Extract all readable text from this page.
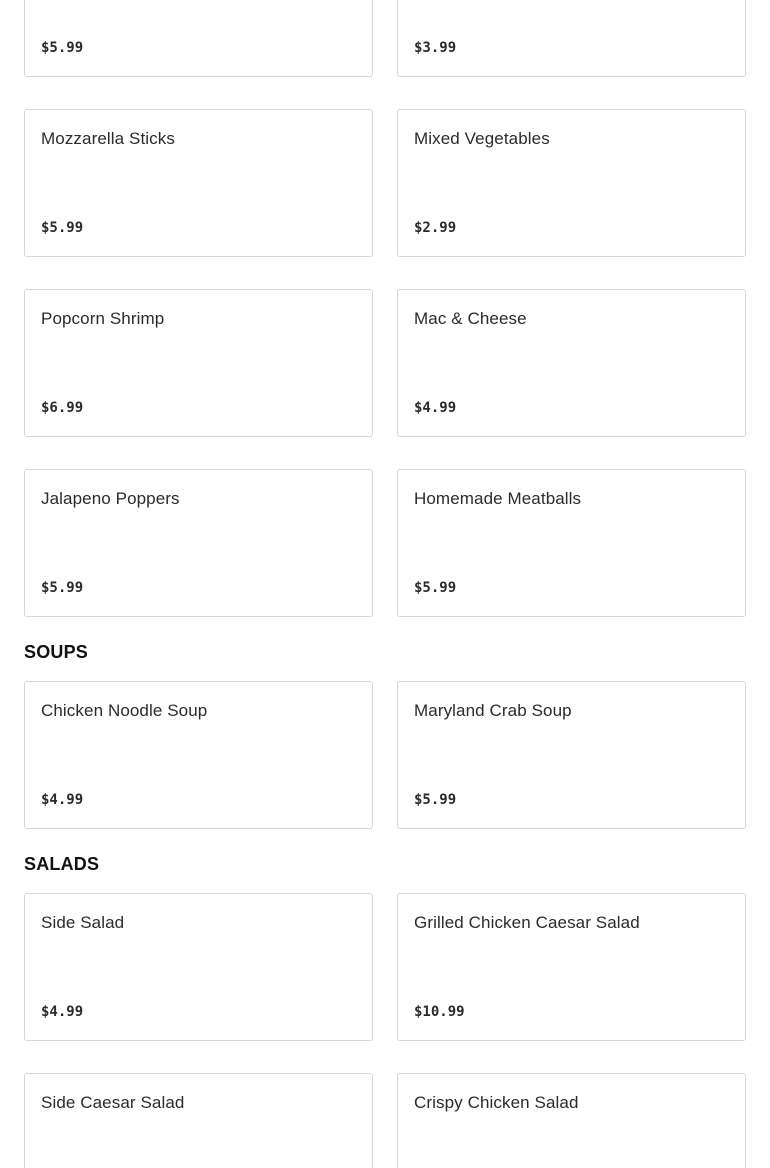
$5.99	$3.99
Mozzarella Sticks
$5.99
Mixed Vegetables
$2.99
Popcorn Shrimp
$6.99
Mac & Cheese
$4.99
Jalapeno Poppers
$5.99
Homemade Meatballs
$5.99
SOUPS
Chicken Noodle Soup
$4.99
Maryland Crab Soup
$5.99
SALADS
Side Salad
$4.99
Grilled Chicken Caesar Salad
$10.99
Side Caesar Salad	Crispy Chicken Salad
